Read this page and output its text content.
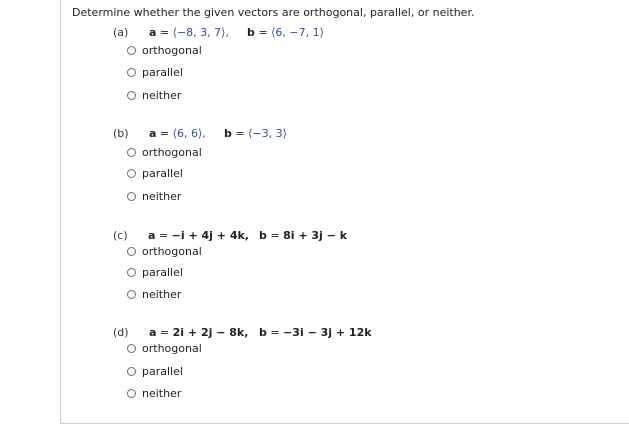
Determine whether the given vectors are orthogonal, parallel, or neither.
(a) a = ⟨−8, 3, 7⟩, b = ⟨6, −7, 1⟩
orthogonal
parallel
neither
(b) a = ⟨6, 6⟩, b = ⟨−3, 3⟩
orthogonal
parallel
neither
(c) a = −i + 4j + 4k, b = 8i + 3j − k
orthogonal
parallel
neither
(d) a = 2i + 2j − 8k, b = −3i − 3j + 12k
orthogonal
parallel
neither
